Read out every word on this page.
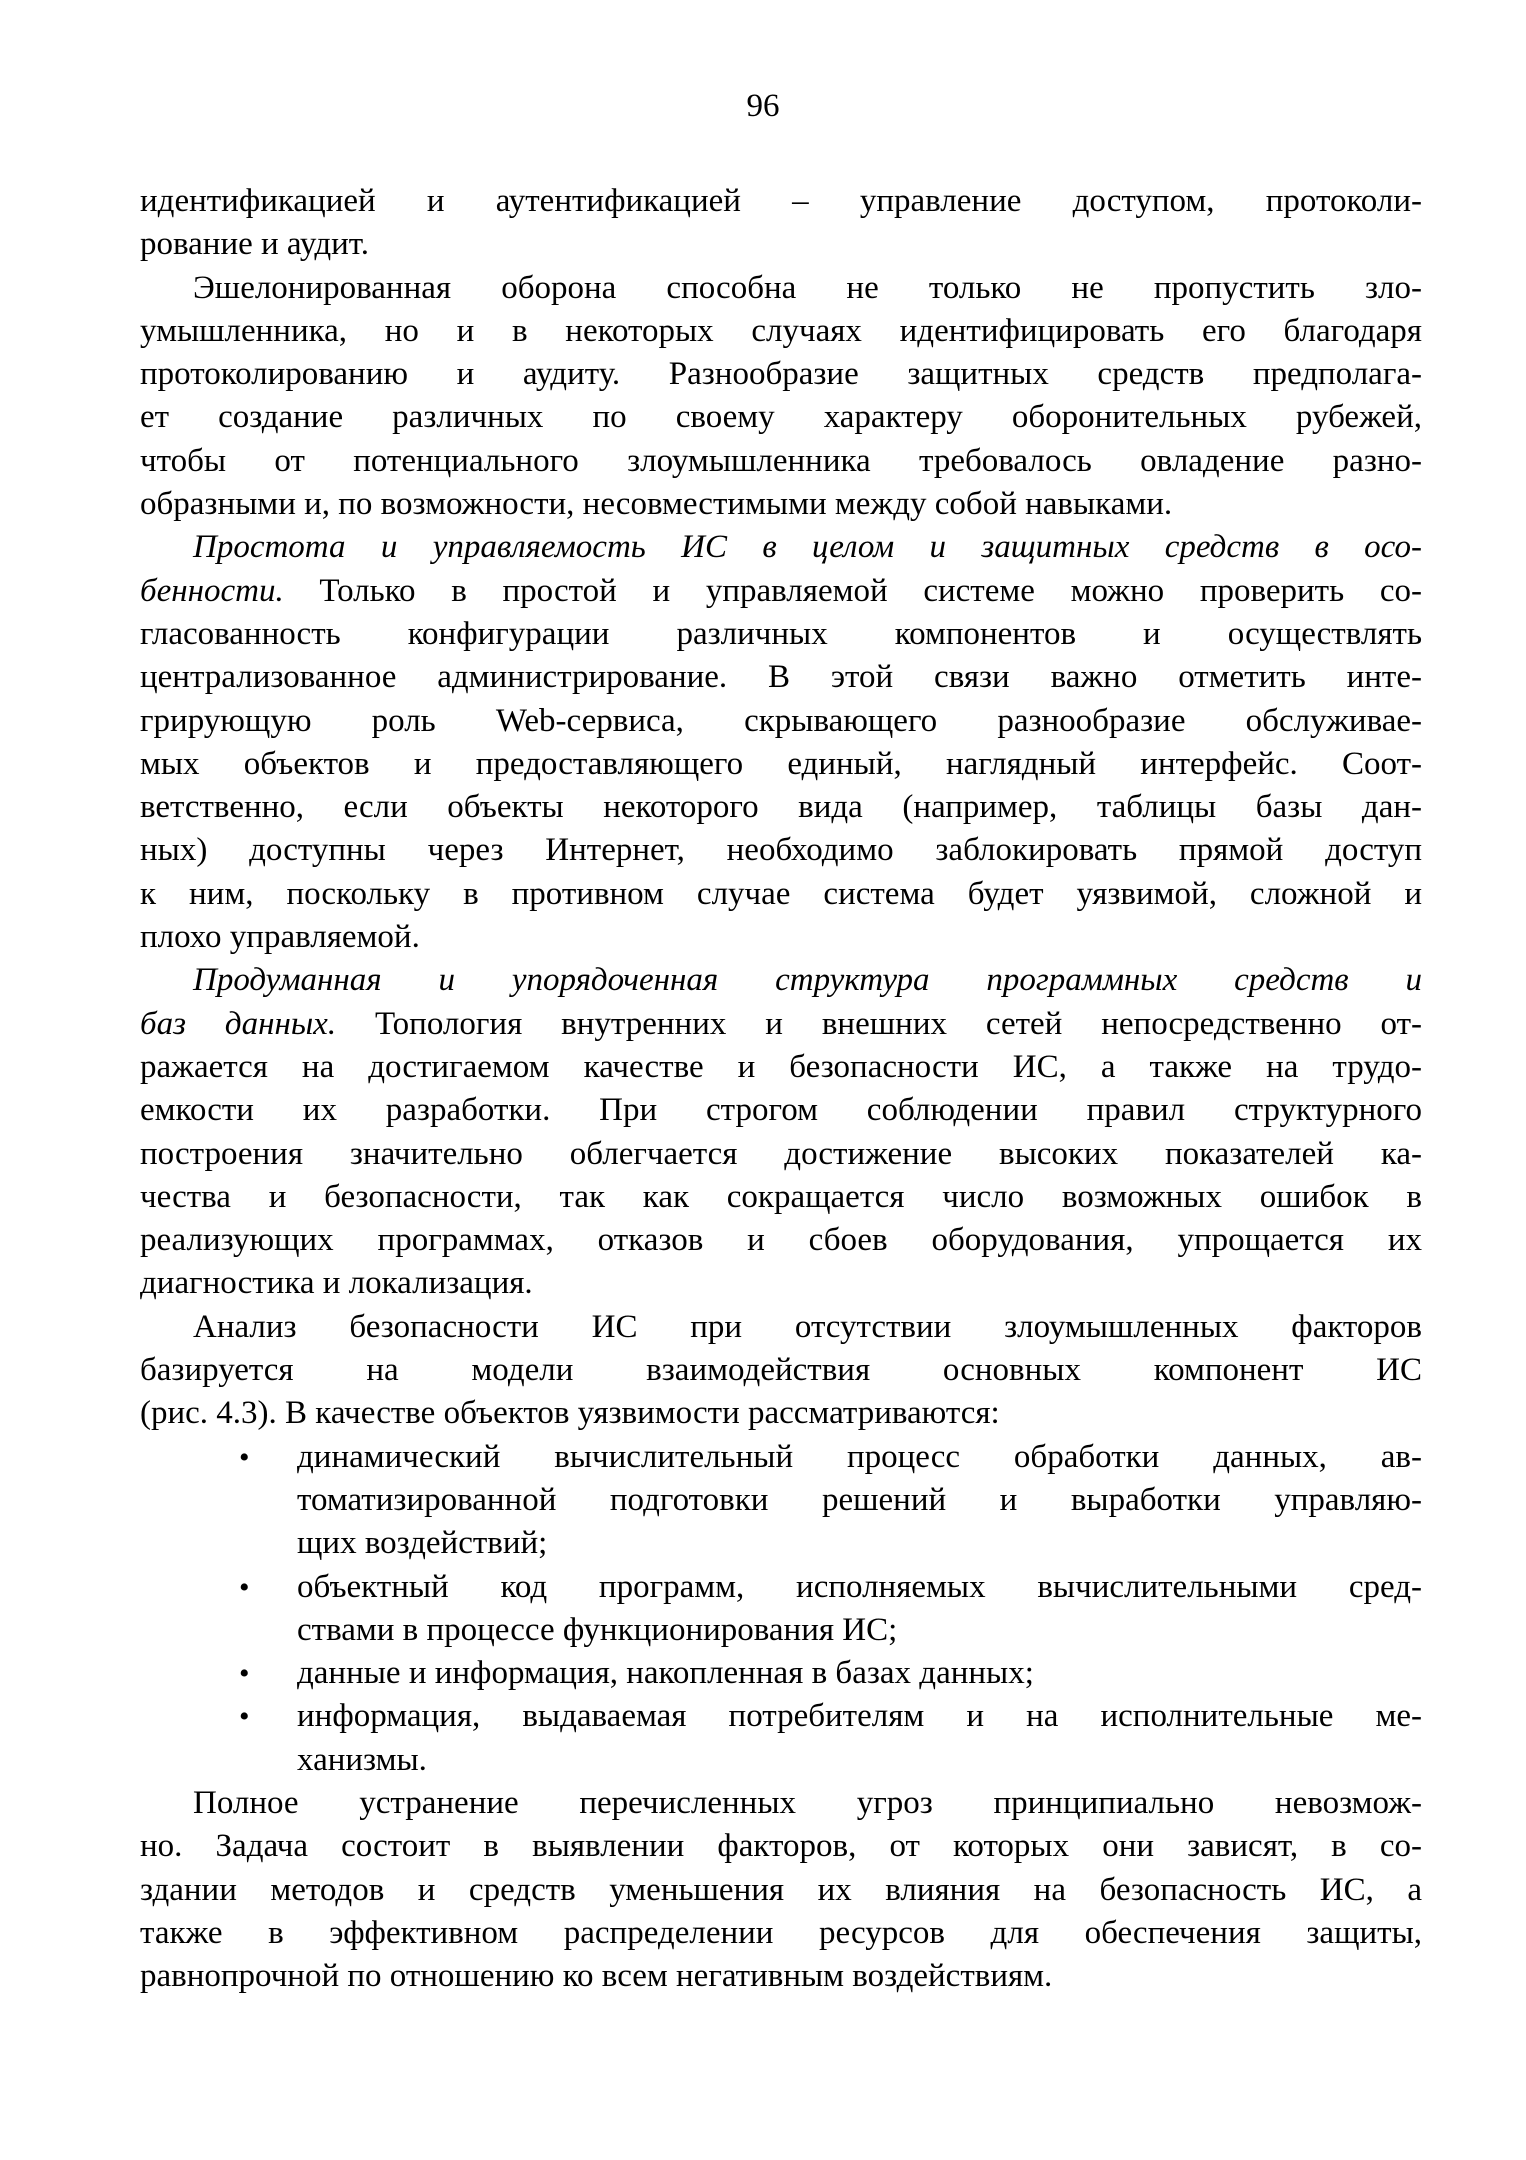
96
идентификацией и аутентификацией – управление доступом, протоколи-
рование и аудит.
Эшелонированная оборона способна не только не пропустить зло-
умышленника, но и в некоторых случаях идентифицировать его благодаря
протоколированию и аудиту. Разнообразие защитных средств предполага-
ет создание различных по своему характеру оборонительных рубежей,
чтобы от потенциального злоумышленника требовалось овладение разно-
образными и, по возможности, несовместимыми между собой навыками.
Простота и управляемость ИС в целом и защитных средств в осо-
бенности. Только в простой и управляемой системе можно проверить со-
гласованность конфигурации различных компонентов и осуществлять
централизованное администрирование. В этой связи важно отметить инте-
грирующую роль Web-сервиса, скрывающего разнообразие обслуживае-
мых объектов и предоставляющего единый, наглядный интерфейс. Соот-
ветственно, если объекты некоторого вида (например, таблицы базы дан-
ных) доступны через Интернет, необходимо заблокировать прямой доступ
к ним, поскольку в противном случае система будет уязвимой, сложной и
плохо управляемой.
Продуманная и упорядоченная структура программных средств и
баз данных. Топология внутренних и внешних сетей непосредственно от-
ражается на достигаемом качестве и безопасности ИС, а также на трудо-
емкости их разработки. При строгом соблюдении правил структурного
построения значительно облегчается достижение высоких показателей ка-
чества и безопасности, так как сокращается число возможных ошибок в
реализующих программах, отказов и сбоев оборудования, упрощается их
диагностика и локализация.
Анализ безопасности ИС при отсутствии злоумышленных факторов
базируется на модели взаимодействия основных компонент ИС
(рис. 4.3). В качестве объектов уязвимости рассматриваются:
• динамический вычислительный процесс обработки данных, ав-
томатизированной подготовки решений и выработки управляю-
щих воздействий;
• объектный код программ, исполняемых вычислительными сред-
ствами в процессе функционирования ИС;
• данные и информация, накопленная в базах данных;
• информация, выдаваемая потребителям и на исполнительные ме-
ханизмы.
Полное устранение перечисленных угроз принципиально невозмож-
но. Задача состоит в выявлении факторов, от которых они зависят, в со-
здании методов и средств уменьшения их влияния на безопасность ИС, а
также в эффективном распределении ресурсов для обеспечения защиты,
равнопрочной по отношению ко всем негативным воздействиям.
